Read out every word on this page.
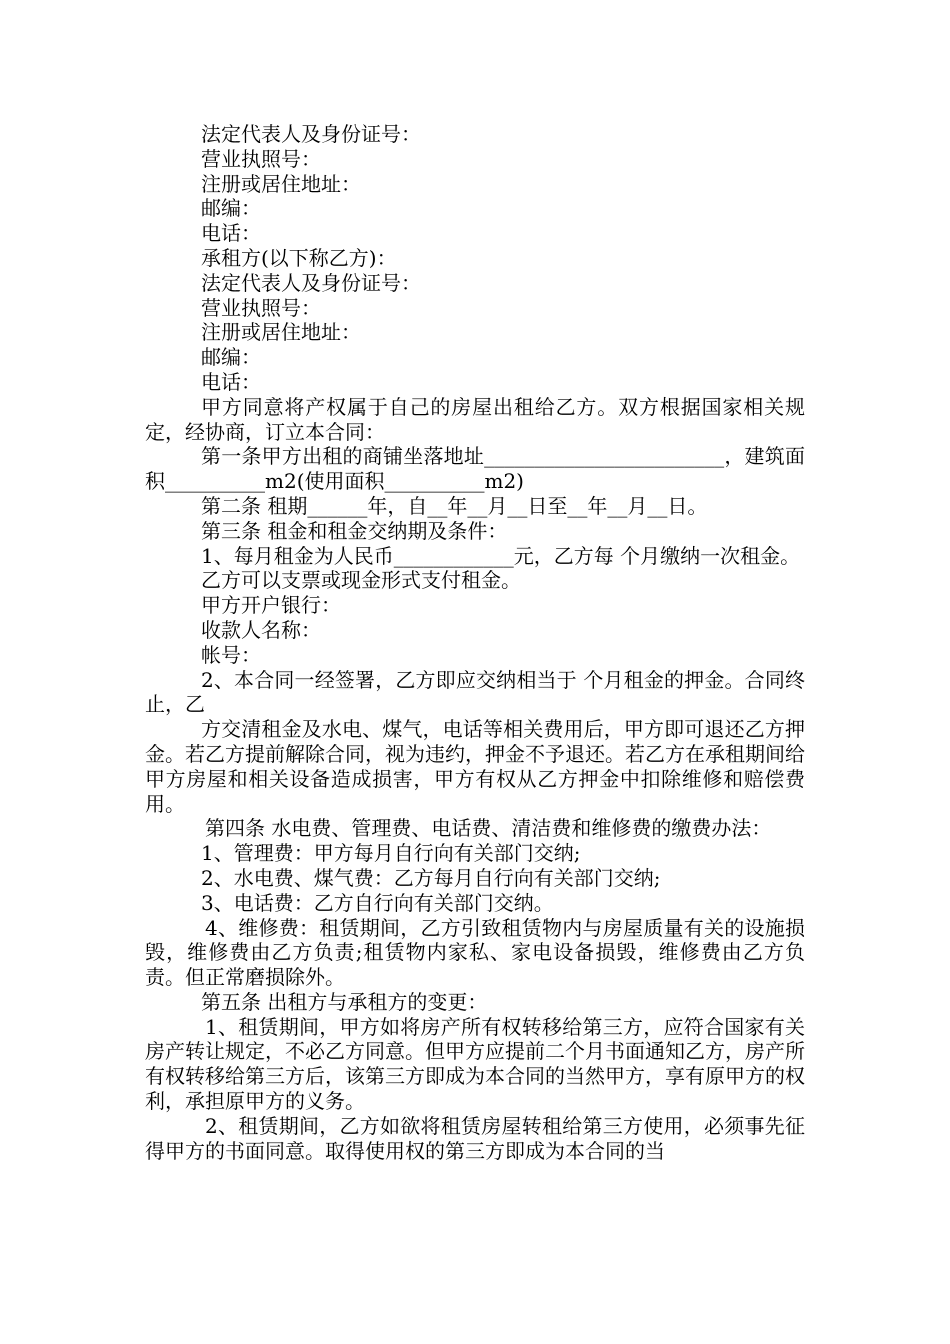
法定代表人及身份证号：

营业执照号：

注册或居住地址：

邮编：

电话：

承租方(以下称乙方)：

法定代表人及身份证号：

营业执照号：

注册或居住地址：

邮编：

电话：

甲方同意将产权属于自己的房屋出租给乙方。双方根据国家相关规定，经协商，订立本合同：

第一条甲方出租的商铺坐落地址________________________，建筑面积__________m2(使用面积__________m2)

第二条 租期______年，自__年__月__日至__年__月__日。

第三条 租金和租金交纳期及条件：

1、每月租金为人民币____________元，乙方每 个月缴纳一次租金。

乙方可以支票或现金形式支付租金。

甲方开户银行：

收款人名称：

帐号：

2、本合同一经签署，乙方即应交纳相当于 个月租金的押金。合同终止，乙

方交清租金及水电、煤气，电话等相关费用后，甲方即可退还乙方押金。若乙方提前解除合同，视为违约，押金不予退还。若乙方在承租期间给甲方房屋和相关设备造成损害，甲方有权从乙方押金中扣除维修和赔偿费用。

第四条 水电费、管理费、电话费、清洁费和维修费的缴费办法：

1、管理费：甲方每月自行向有关部门交纳;

2、水电费、煤气费：乙方每月自行向有关部门交纳;

3、电话费：乙方自行向有关部门交纳。

4、维修费：租赁期间，乙方引致租赁物内与房屋质量有关的设施损毁，维修费由乙方负责;租赁物内家私、家电设备损毁，维修费由乙方负责。但正常磨损除外。

第五条 出租方与承租方的变更：

1、租赁期间，甲方如将房产所有权转移给第三方，应符合国家有关房产转让规定，不必乙方同意。但甲方应提前二个月书面通知乙方，房产所有权转移给第三方后，该第三方即成为本合同的当然甲方，享有原甲方的权利，承担原甲方的义务。

2、租赁期间，乙方如欲将租赁房屋转租给第三方使用，必须事先征得甲方的书面同意。取得使用权的第三方即成为本合同的当
